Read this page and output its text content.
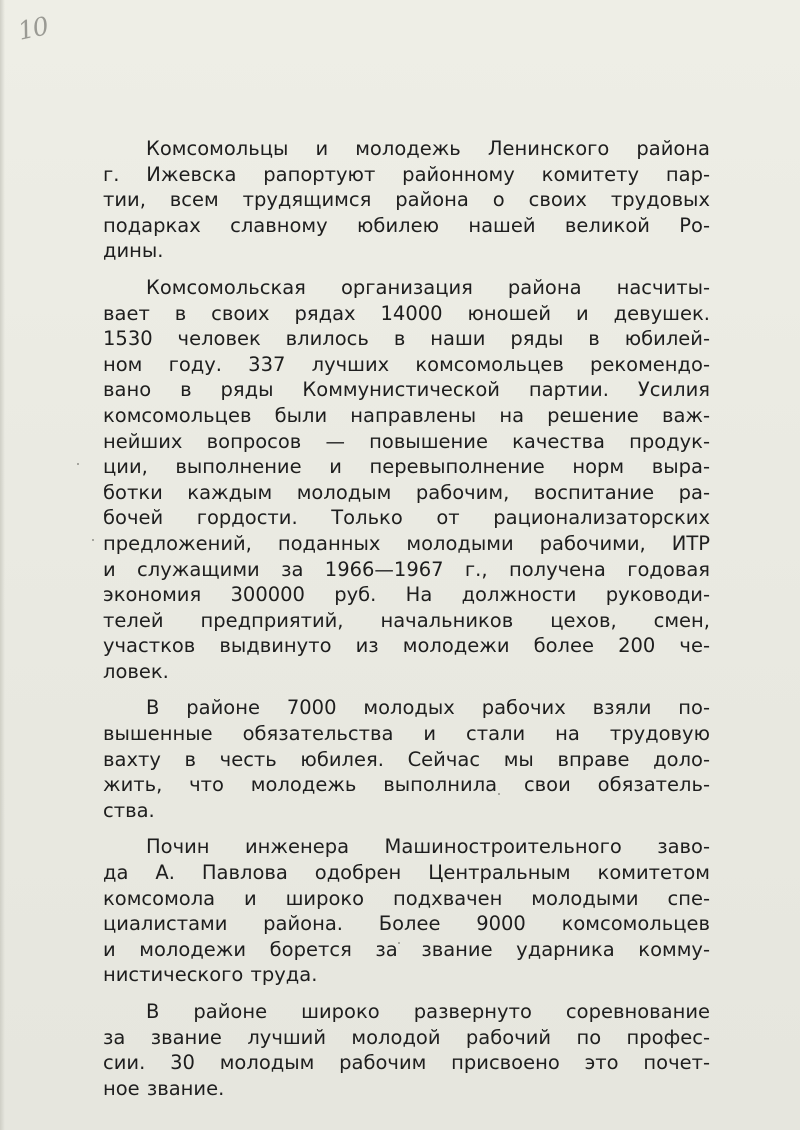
10
Комсомольцы и молодежь Ленинского района
г. Ижевска рапортуют районному комитету пар-
тии, всем трудящимся района о своих трудовых
подарках славному юбилею нашей великой Ро-
дины.
Комсомольская организация района насчиты-
вает в своих рядах 14000 юношей и девушек.
1530 человек влилось в наши ряды в юбилей-
ном году. 337 лучших комсомольцев рекомендо-
вано в ряды Коммунистической партии. Усилия
комсомольцев были направлены на решение важ-
нейших вопросов — повышение качества продук-
ции, выполнение и перевыполнение норм выра-
ботки каждым молодым рабочим, воспитание ра-
бочей гордости. Только от рационализаторских
предложений, поданных молодыми рабочими, ИТР
и служащими за 1966—1967 г., получена годовая
экономия 300000 руб. На должности руководи-
телей предприятий, начальников цехов, смен,
участков выдвинуто из молодежи более 200 че-
ловек.
В районе 7000 молодых рабочих взяли по-
вышенные обязательства и стали на трудовую
вахту в честь юбилея. Сейчас мы вправе доло-
жить, что молодежь выполнила свои обязатель-
ства.
Почин инженера Машиностроительного заво-
да А. Павлова одобрен Центральным комитетом
комсомола и широко подхвачен молодыми спе-
циалистами района. Более 9000 комсомольцев
и молодежи борется за звание ударника комму-
нистического труда.
В районе широко развернуто соревнование
за звание лучший молодой рабочий по профес-
сии. 30 молодым рабочим присвоено это почет-
ное звание.
